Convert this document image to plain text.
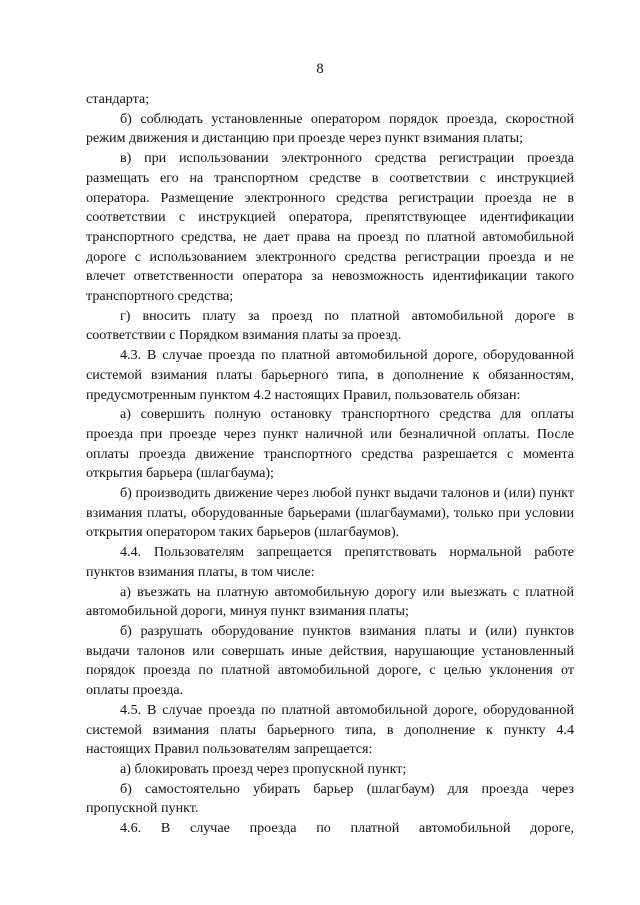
8

стандарта;

б) соблюдать установленные оператором порядок проезда, скоростной режим движения и дистанцию при проезде через пункт взимания платы;

в) при использовании электронного средства регистрации проезда размещать его на транспортном средстве в соответствии с инструкцией оператора. Размещение электронного средства регистрации проезда не в соответствии с инструкцией оператора, препятствующее идентификации транспортного средства, не дает права на проезд по платной автомобильной дороге с использованием электронного средства регистрации проезда и не влечет ответственности оператора за невозможность идентификации такого транспортного средства;

г) вносить плату за проезд по платной автомобильной дороге в соответствии с Порядком взимания платы за проезд.

4.3. В случае проезда по платной автомобильной дороге, оборудованной системой взимания платы барьерного типа, в дополнение к обязанностям, предусмотренным пунктом 4.2 настоящих Правил, пользователь обязан:

а) совершить полную остановку транспортного средства для оплаты проезда при проезде через пункт наличной или безналичной оплаты. После оплаты проезда движение транспортного средства разрешается с момента открытия барьера (шлагбаума);

б) производить движение через любой пункт выдачи талонов и (или) пункт взимания платы, оборудованные барьерами (шлагбаумами), только при условии открытия оператором таких барьеров (шлагбаумов).

4.4. Пользователям запрещается препятствовать нормальной работе пунктов взимания платы, в том числе:

а) въезжать на платную автомобильную дорогу или выезжать с платной автомобильной дороги, минуя пункт взимания платы;

б) разрушать оборудование пунктов взимания платы и (или) пунктов выдачи талонов или совершать иные действия, нарушающие установленный порядок проезда по платной автомобильной дороге, с целью уклонения от оплаты проезда.

4.5. В случае проезда по платной автомобильной дороге, оборудованной системой взимания платы барьерного типа, в дополнение к пункту 4.4 настоящих Правил пользователям запрещается:

а) блокировать проезд через пропускной пункт;

б) самостоятельно убирать барьер (шлагбаум) для проезда через пропускной пункт.

4.6. В случае проезда по платной автомобильной дороге,
